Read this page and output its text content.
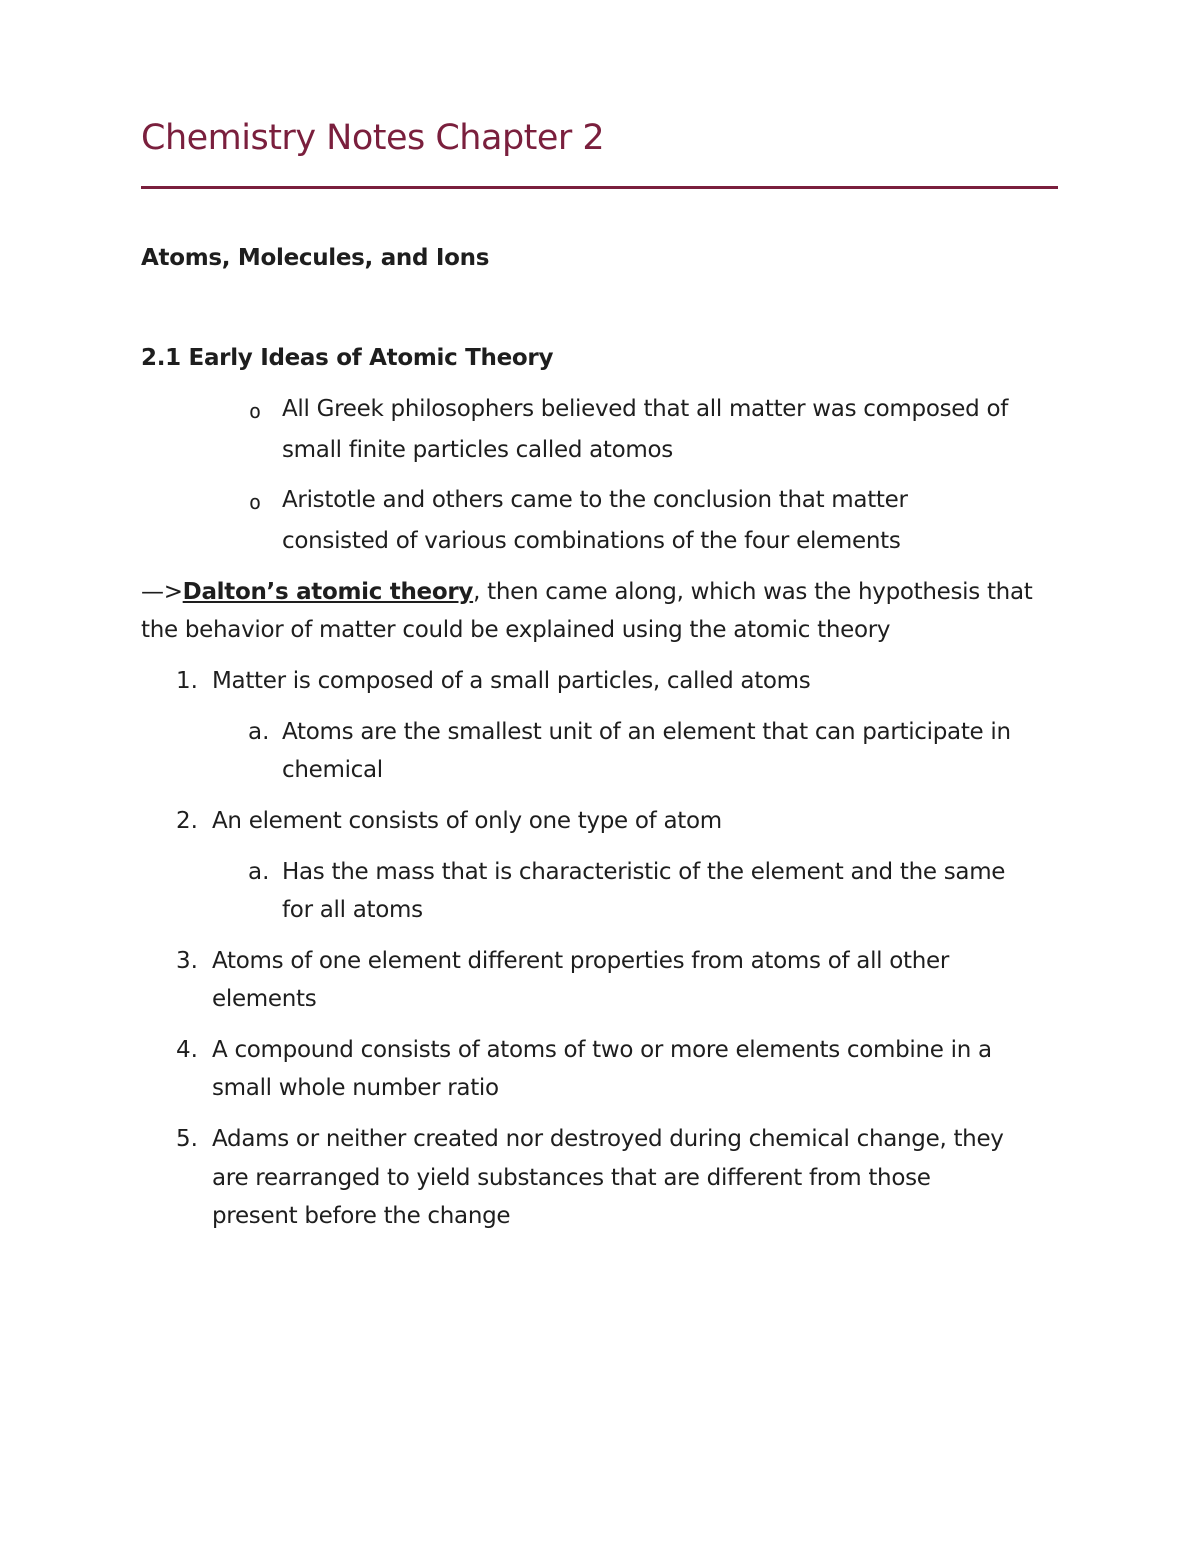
Chemistry Notes Chapter 2
Atoms, Molecules, and Ions
2.1 Early Ideas of Atomic Theory
o All Greek philosophers believed that all matter was composed of
small finite particles called atomos
o Aristotle and others came to the conclusion that matter
consisted of various combinations of the four elements
—>Dalton’s atomic theory, then came along, which was the hypothesis that
the behavior of matter could be explained using the atomic theory
1. Matter is composed of a small particles, called atoms
a. Atoms are the smallest unit of an element that can participate in
chemical
2. An element consists of only one type of atom
a. Has the mass that is characteristic of the element and the same
for all atoms
3. Atoms of one element different properties from atoms of all other
elements
4. A compound consists of atoms of two or more elements combine in a
small whole number ratio
5. Adams or neither created nor destroyed during chemical change, they
are rearranged to yield substances that are different from those
present before the change
